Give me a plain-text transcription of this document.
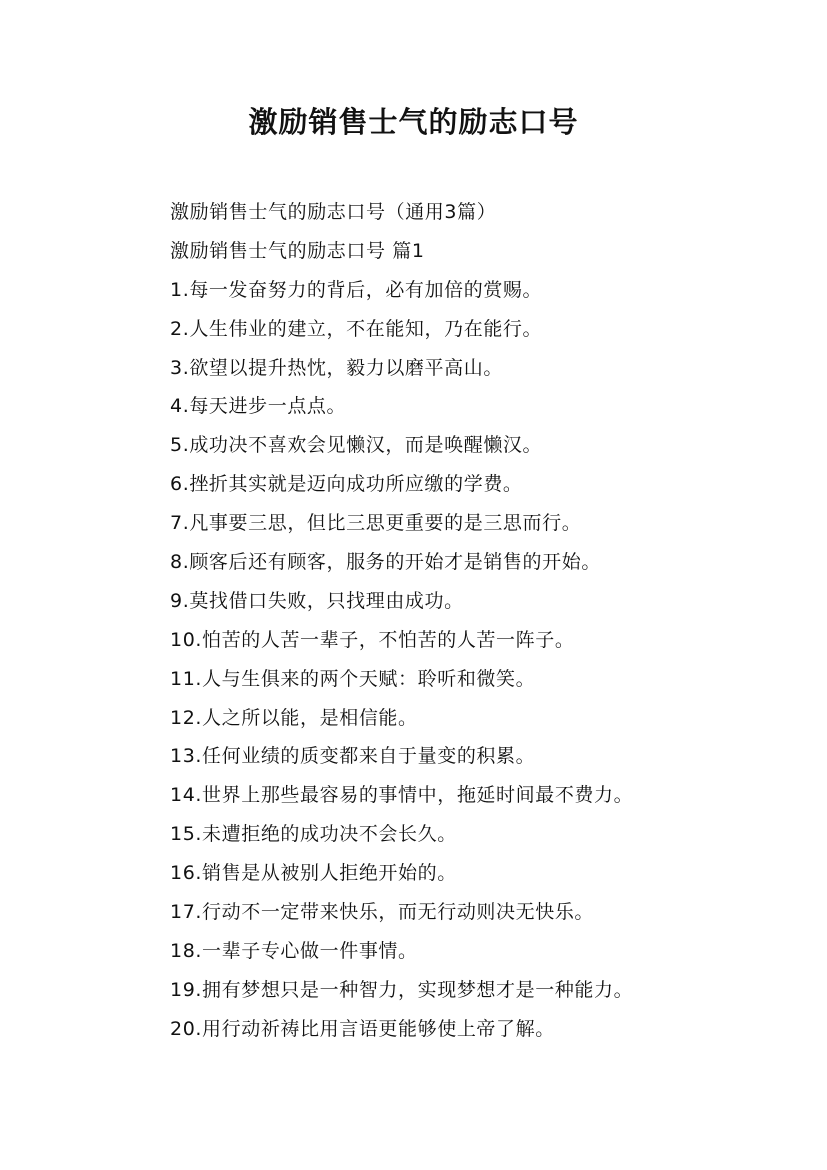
激励销售士气的励志口号
激励销售士气的励志口号（通用3篇）
激励销售士气的励志口号 篇1
1.每一发奋努力的背后，必有加倍的赏赐。
2.人生伟业的建立，不在能知，乃在能行。
3.欲望以提升热忱，毅力以磨平高山。
4.每天进步一点点。
5.成功决不喜欢会见懒汉，而是唤醒懒汉。
6.挫折其实就是迈向成功所应缴的学费。
7.凡事要三思，但比三思更重要的是三思而行。
8.顾客后还有顾客，服务的开始才是销售的开始。
9.莫找借口失败，只找理由成功。
10.怕苦的人苦一辈子，不怕苦的人苦一阵子。
11.人与生俱来的两个天赋：聆听和微笑。
12.人之所以能，是相信能。
13.任何业绩的质变都来自于量变的积累。
14.世界上那些最容易的事情中，拖延时间最不费力。
15.未遭拒绝的成功决不会长久。
16.销售是从被别人拒绝开始的。
17.行动不一定带来快乐，而无行动则决无快乐。
18.一辈子专心做一件事情。
19.拥有梦想只是一种智力，实现梦想才是一种能力。
20.用行动祈祷比用言语更能够使上帝了解。
